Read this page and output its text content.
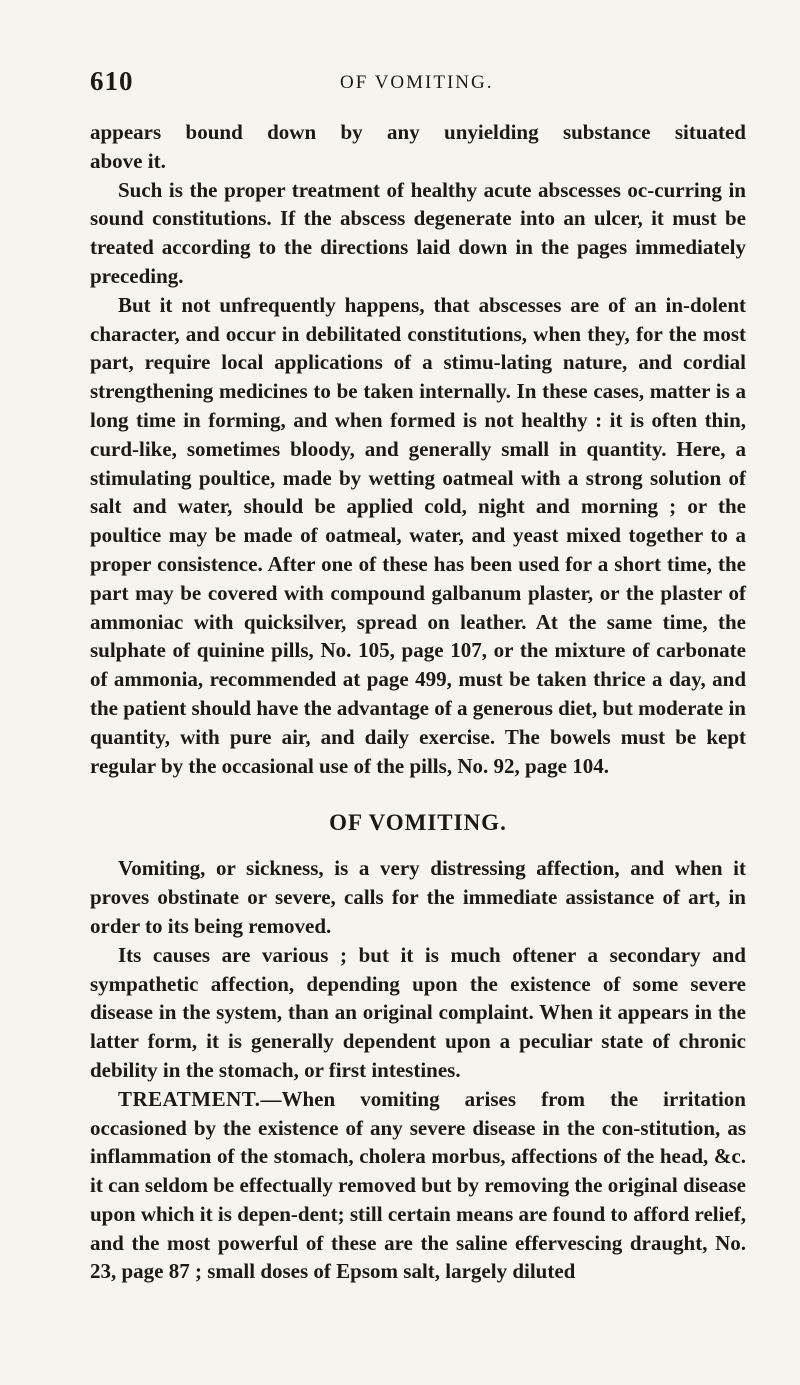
610	OF VOMITING.

appears bound down by any unyielding substance situated

above it.

Such is the proper treatment of healthy acute abscesses oc-curring in sound constitutions. If the abscess degenerate into an ulcer, it must be treated according to the directions laid down in the pages immediately preceding.

But it not unfrequently happens, that abscesses are of an in-dolent character, and occur in debilitated constitutions, when they, for the most part, require local applications of a stimu-lating nature, and cordial strengthening medicines to be taken internally. In these cases, matter is a long time in forming, and when formed is not healthy : it is often thin, curd-like, sometimes bloody, and generally small in quantity. Here, a stimulating poultice, made by wetting oatmeal with a strong solution of salt and water, should be applied cold, night and morning ; or the poultice may be made of oatmeal, water, and yeast mixed together to a proper consistence. After one of these has been used for a short time, the part may be covered with compound galbanum plaster, or the plaster of ammoniac with quicksilver, spread on leather. At the same time, the sulphate of quinine pills, No. 105, page 107, or the mixture of carbonate of ammonia, recommended at page 499, must be taken thrice a day, and the patient should have the advantage of a generous diet, but moderate in quantity, with pure air, and daily exercise. The bowels must be kept regular by the occasional use of the pills, No. 92, page 104.

OF VOMITING.

Vomiting, or sickness, is a very distressing affection, and when it proves obstinate or severe, calls for the immediate assistance of art, in order to its being removed.

Its causes are various ; but it is much oftener a secondary and sympathetic affection, depending upon the existence of some severe disease in the system, than an original complaint. When it appears in the latter form, it is generally dependent upon a peculiar state of chronic debility in the stomach, or first intestines.

TREATMENT.—When vomiting arises from the irritation occasioned by the existence of any severe disease in the con-stitution, as inflammation of the stomach, cholera morbus, affections of the head, &c. it can seldom be effectually removed but by removing the original disease upon which it is depen-dent; still certain means are found to afford relief, and the most powerful of these are the saline effervescing draught, No. 23, page 87 ; small doses of Epsom salt, largely diluted
